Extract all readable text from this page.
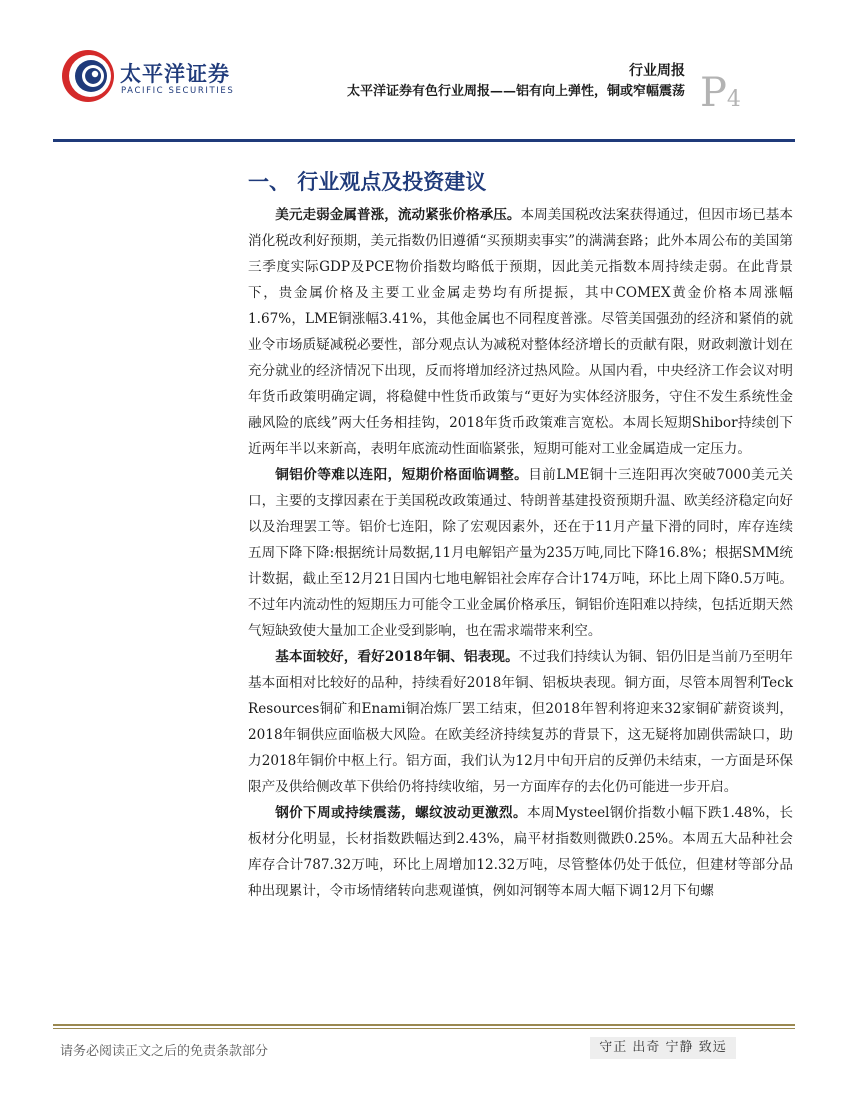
太平洋证券
PACIFIC SECURITIES
行业周报
太平洋证券有色行业周报——铝有向上弹性，铜或窄幅震荡 P4
一、 行业观点及投资建议

美元走弱金属普涨，流动紧张价格承压。本周美国税改法案获得通过，但因市场已基本消化税改利好预期，美元指数仍旧遵循“买预期卖事实”的满满套路；此外本周公布的美国第三季度实际GDP及PCE物价指数均略低于预期，因此美元指数本周持续走弱。在此背景下，贵金属价格及主要工业金属走势均有所提振，其中COMEX黄金价格本周涨幅1.67%，LME铜涨幅3.41%，其他金属也不同程度普涨。尽管美国强劲的经济和紧俏的就业令市场质疑减税必要性，部分观点认为减税对整体经济增长的贡献有限，财政刺激计划在充分就业的经济情况下出现，反而将增加经济过热风险。从国内看，中央经济工作会议对明年货币政策明确定调，将稳健中性货币政策与“更好为实体经济服务，守住不发生系统性金融风险的底线”两大任务相挂钩，2018年货币政策难言宽松。本周长短期Shibor持续创下近两年半以来新高，表明年底流动性面临紧张，短期可能对工业金属造成一定压力。

铜铝价等难以连阳，短期价格面临调整。目前LME铜十三连阳再次突破7000美元关口，主要的支撑因素在于美国税改政策通过、特朗普基建投资预期升温、欧美经济稳定向好以及治理罢工等。铝价七连阳，除了宏观因素外，还在于11月产量下滑的同时，库存连续五周下降下降:根据统计局数据,11月电解铝产量为235万吨,同比下降16.8%；根据SMM统计数据，截止至12月21日国内七地电解铝社会库存合计174万吨，环比上周下降0.5万吨。不过年内流动性的短期压力可能令工业金属价格承压，铜铝价连阳难以持续，包括近期天然气短缺致使大量加工企业受到影响，也在需求端带来利空。

基本面较好，看好2018年铜、铝表现。不过我们持续认为铜、铝仍旧是当前乃至明年基本面相对比较好的品种，持续看好2018年铜、铝板块表现。铜方面，尽管本周智利Teck Resources铜矿和Enami铜冶炼厂罢工结束，但2018年智利将迎来32家铜矿薪资谈判，2018年铜供应面临极大风险。在欧美经济持续复苏的背景下，这无疑将加剧供需缺口，助力2018年铜价中枢上行。铝方面，我们认为12月中旬开启的反弹仍未结束，一方面是环保限产及供给侧改革下供给仍将持续收缩，另一方面库存的去化仍可能进一步开启。

钢价下周或持续震荡，螺纹波动更激烈。本周Mysteel钢价指数小幅下跌1.48%，长板材分化明显，长材指数跌幅达到2.43%，扁平材指数则微跌0.25%。本周五大品种社会库存合计787.32万吨，环比上周增加12.32万吨，尽管整体仍处于低位，但建材等部分品种出现累计，令市场情绪转向悲观谨慎，例如河钢等本周大幅下调12月下旬螺

请务必阅读正文之后的免责条款部分	守正 出奇 宁静 致远
